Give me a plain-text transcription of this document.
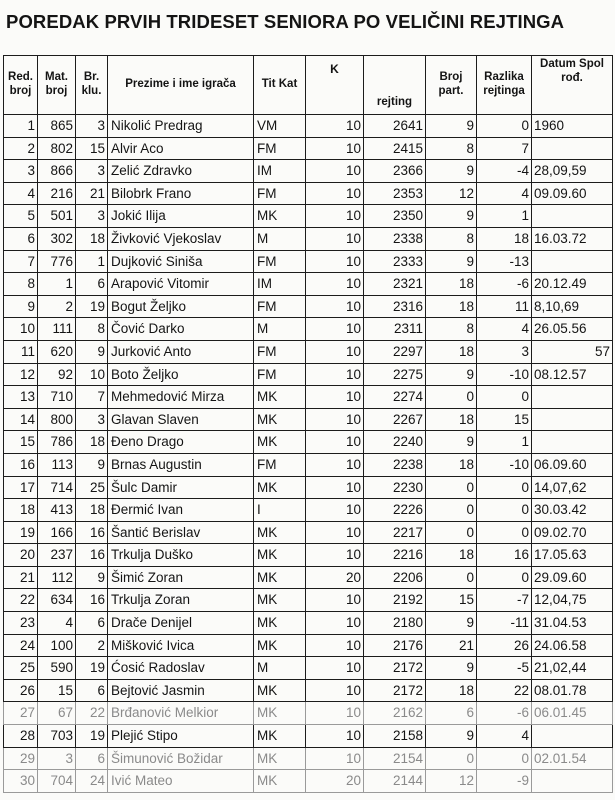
POREDAK PRVIH TRIDESET SENIORA PO VELIČINI REJTINGA
Red. broj	Mat. broj	Br. klu.	Prezime i ime igrača	Tit Kat	K	rejting	Broj part.	Razlika rejtinga	Datum Spol rođ.
1	865	3	Nikolić Predrag	VM	10	2641	9	0	1960
2	802	15	Alvir Aco	FM	10	2415	8	7	
3	866	3	Zelić Zdravko	IM	10	2366	9	-4	28,09,59
4	216	21	Bilobrk Frano	FM	10	2353	12	4	09.09.60
5	501	3	Jokić Ilija	MK	10	2350	9	1	
6	302	18	Živković Vjekoslav	M	10	2338	8	18	16.03.72
7	776	1	Dujković Siniša	FM	10	2333	9	-13	
8	1	6	Arapović Vitomir	IM	10	2321	18	-6	20.12.49
9	2	19	Bogut Željko	FM	10	2316	18	11	8,10,69
10	111	8	Čović Darko	M	10	2311	8	4	26.05.56
11	620	9	Jurković Anto	FM	10	2297	18	3	57
12	92	10	Boto Željko	FM	10	2275	9	-10	08.12.57
13	710	7	Mehmedović Mirza	MK	10	2274	0	0	
14	800	3	Glavan Slaven	MK	10	2267	18	15	
15	786	18	Đeno Drago	MK	10	2240	9	1	
16	113	9	Brnas Augustin	FM	10	2238	18	-10	06.09.60
17	714	25	Šulc Damir	MK	10	2230	0	0	14,07,62
18	413	18	Đermić Ivan	I	10	2226	0	0	30.03.42
19	166	16	Šantić Berislav	MK	10	2217	0	0	09.02.70
20	237	16	Trkulja Duško	MK	10	2216	18	16	17.05.63
21	112	9	Šimić Zoran	MK	20	2206	0	0	29.09.60
22	634	16	Trkulja Zoran	MK	10	2192	15	-7	12,04,75
23	4	6	Drače Denijel	MK	10	2180	9	-11	31.04.53
24	100	2	Mišković Ivica	MK	10	2176	21	26	24.06.58
25	590	19	Ćosić Radoslav	M	10	2172	9	-5	21,02,44
26	15	6	Bejtović Jasmin	MK	10	2172	18	22	08.01.78
27	67	22	Brđanović Melkior	MK	10	2162	6	-6	06.01.45
28	703	19	Plejić Stipo	MK	10	2158	9	4	
29	3	6	Šimunović Božidar	MK	10	2154	0	0	02.01.54
30	704	24	Ivić Mateo	MK	20	2144	12	-9	
